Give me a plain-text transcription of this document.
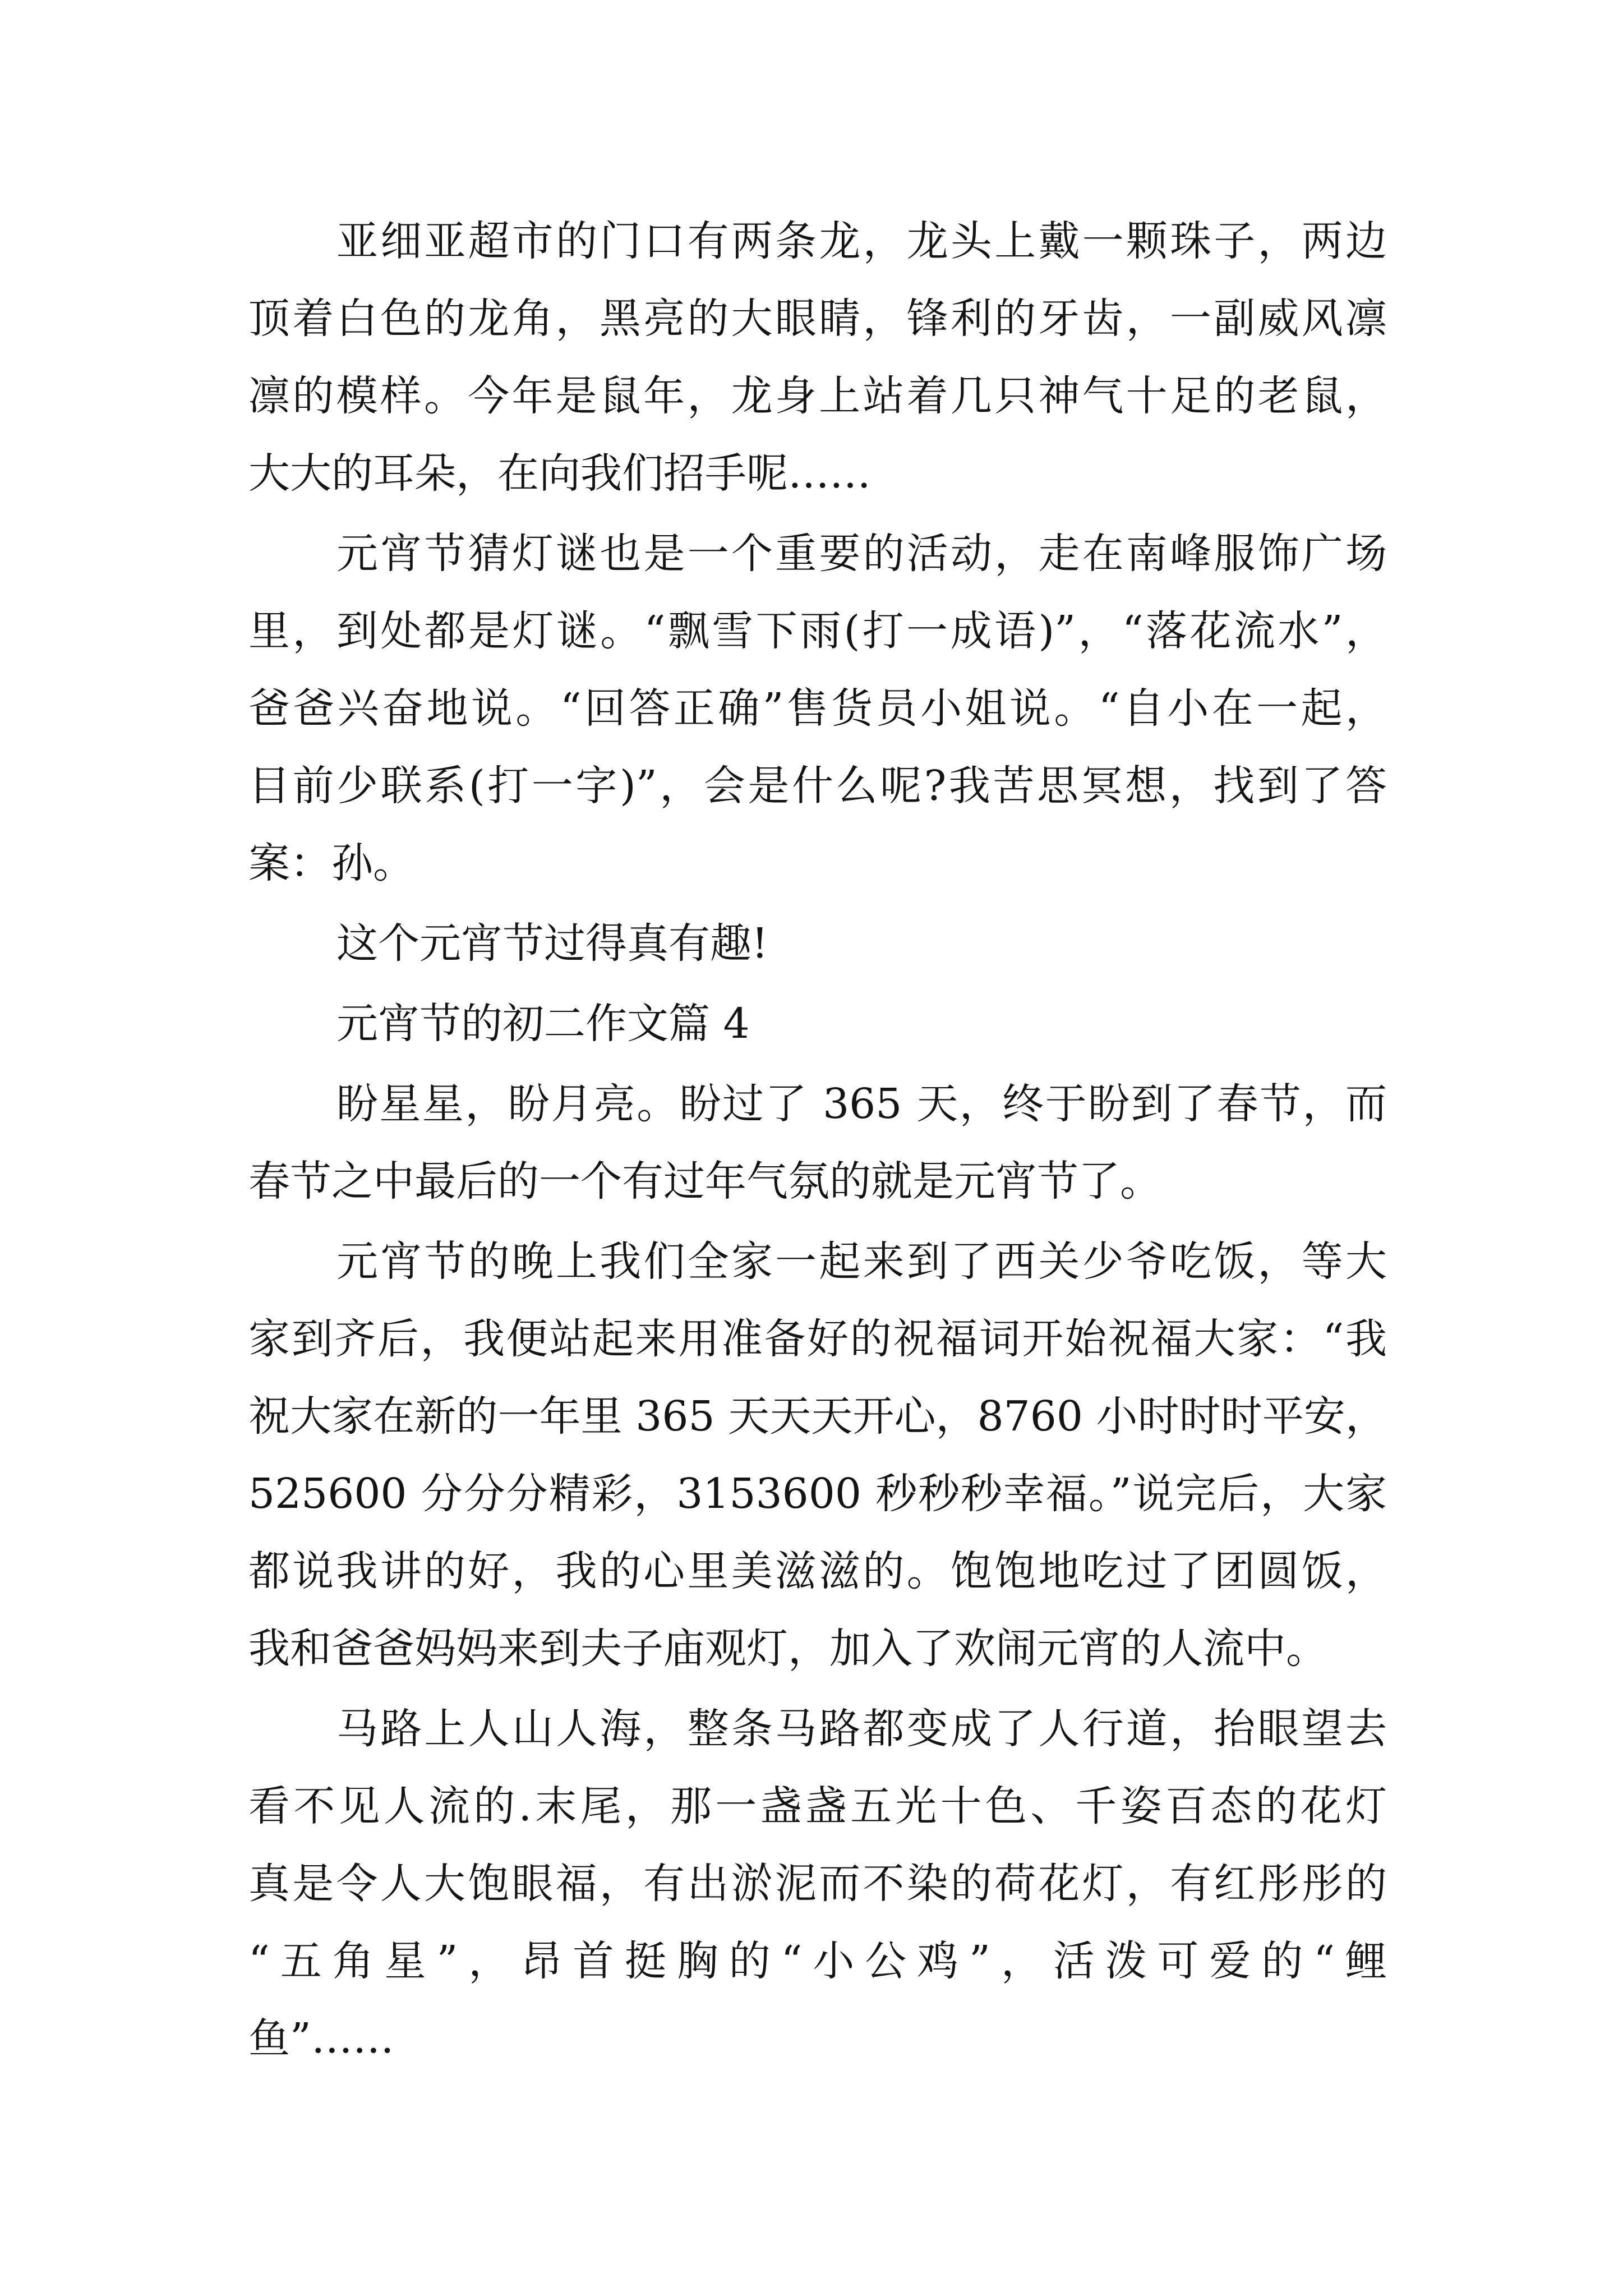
亚细亚超市的门口有两条龙，龙头上戴一颗珠子，两边
顶着白色的龙角，黑亮的大眼睛，锋利的牙齿，一副威风凛
凛的模样。今年是鼠年，龙身上站着几只神气十足的老鼠，
大大的耳朵，在向我们招手呢……
元宵节猜灯谜也是一个重要的活动，走在南峰服饰广场
里，到处都是灯谜。“飘雪下雨(打一成语)”，“落花流水”，
爸爸兴奋地说。“回答正确”售货员小姐说。“自小在一起，
目前少联系(打一字)”，会是什么呢?我苦思冥想，找到了答
案：孙。
这个元宵节过得真有趣!
元宵节的初二作文篇 4
盼星星，盼月亮。盼过了 365 天，终于盼到了春节，而
春节之中最后的一个有过年气氛的就是元宵节了。
元宵节的晚上我们全家一起来到了西关少爷吃饭，等大
家到齐后，我便站起来用准备好的祝福词开始祝福大家：“我
祝大家在新的一年里 365 天天天开心，8760 小时时时平安，
525600 分分分精彩，3153600 秒秒秒幸福。”说完后，大家
都说我讲的好，我的心里美滋滋的。饱饱地吃过了团圆饭，
我和爸爸妈妈来到夫子庙观灯，加入了欢闹元宵的人流中。
马路上人山人海，整条马路都变成了人行道，抬眼望去
看不见人流的.末尾，那一盏盏五光十色、千姿百态的花灯
真是令人大饱眼福，有出淤泥而不染的荷花灯，有红彤彤的
“五角星”，昂首挺胸的“小公鸡”，活泼可爱的“鲤
鱼”……
